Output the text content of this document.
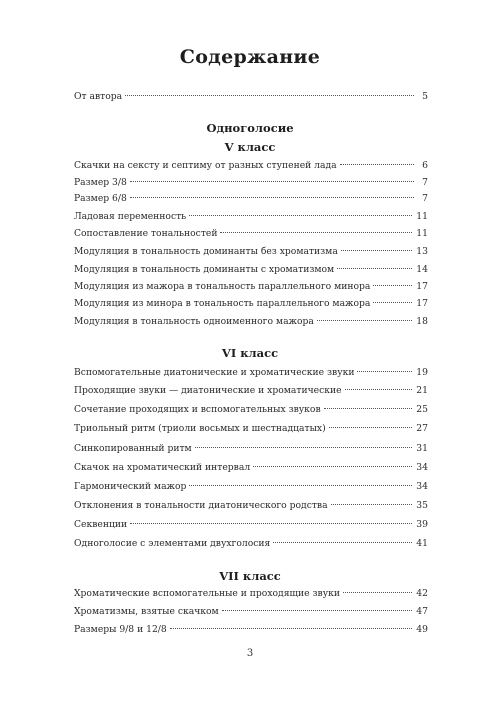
Содержание
От автора	5
Одноголосие
V класс
Скачки на сексту и септиму от разных ступеней лада	6
Размер 3/8	7
Размер 6/8	7
Ладовая переменность	11
Сопоставление тональностей	11
Модуляция в тональность доминанты без хроматизма	13
Модуляция в тональность доминанты с хроматизмом	14
Модуляция из мажора в тональность параллельного минора	17
Модуляция из минора в тональность параллельного мажора	17
Модуляция в тональность одноименного мажора	18
VI класс
Вспомогательные диатонические и хроматические звуки	19
Проходящие звуки — диатонические и хроматические	21
Сочетание проходящих и вспомогательных звуков	25
Триольный ритм (триоли восьмых и шестнадцатых)	27
Синкопированный ритм	31
Скачок на хроматический интервал	34
Гармонический мажор	34
Отклонения в тональности диатонического родства	35
Секвенции	39
Одноголосие с элементами двухголосия	41
VII класс
Хроматические вспомогательные и проходящие звуки	42
Хроматизмы, взятые скачком	47
Размеры 9/8 и 12/8	49
3
